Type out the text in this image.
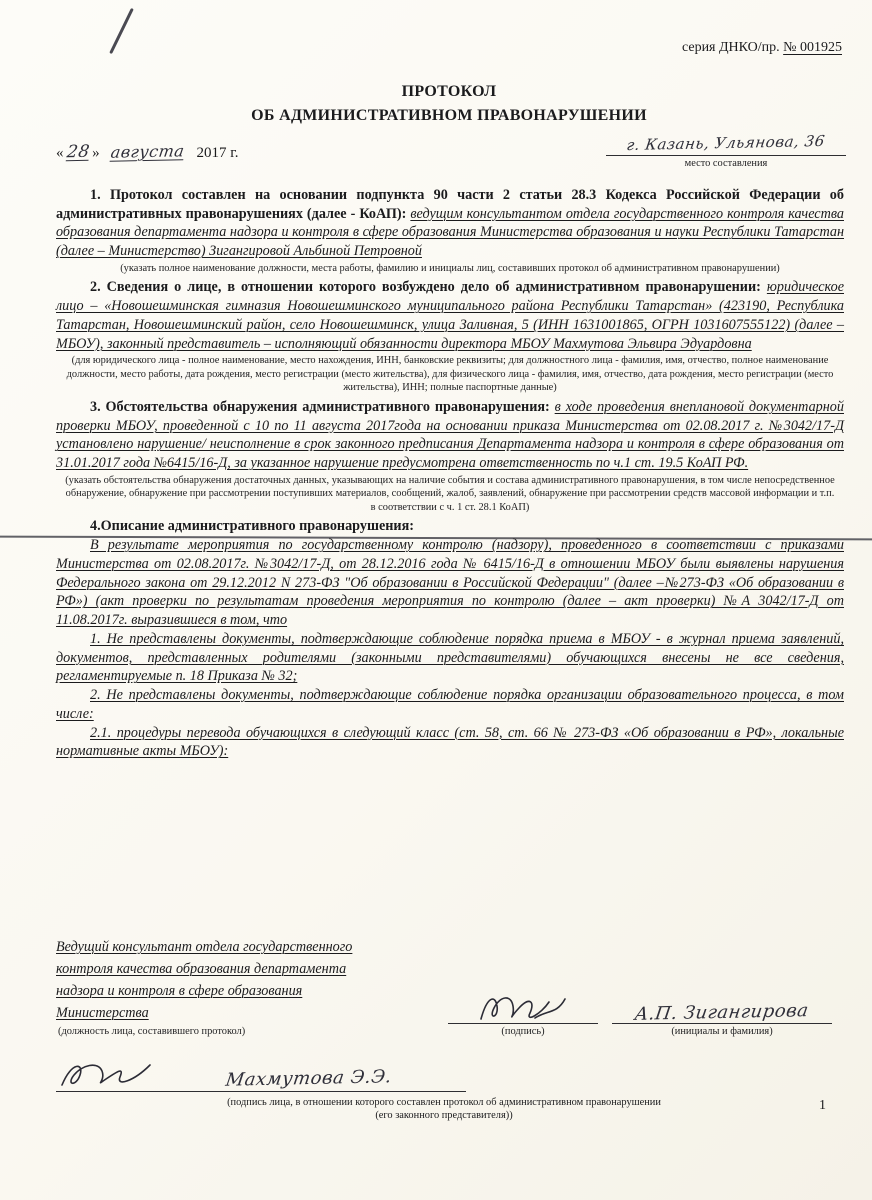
серия ДНКО/пр. № 001925
ПРОТОКОЛ
ОБ АДМИНИСТРАТИВНОМ ПРАВОНАРУШЕНИИ
«28 » августа 2017 г.	г. Казань, Ульянова, 36
место составления

1. Протокол составлен на основании подпункта 90 части 2 статьи 28.3 Кодекса Российской Федерации об административных правонарушениях (далее - КоАП): ведущим консультантом отдела государственного контроля качества образования департамента надзора и контроля в сфере образования Министерства образования и науки Республики Татарстан (далее – Министерство) Зигангировой Альбиной Петровной

(указать полное наименование должности, места работы, фамилию и инициалы лиц, составивших протокол об административном правонарушении)

2. Сведения о лице, в отношении которого возбуждено дело об административном правонарушении: юридическое лицо – «Новошешминская гимназия Новошешминского муниципального района Республики Татарстан» (423190, Республика Татарстан, Новошешминский район, село Новошешминск, улица Заливная, 5 (ИНН 1631001865, ОГРН 1031607555122) (далее – МБОУ), законный представитель – исполняющий обязанности директора МБОУ Махмутова Эльвира Эдуардовна

(для юридического лица - полное наименование, место нахождения, ИНН, банковские реквизиты; для должностного лица - фамилия, имя, отчество, полное наименование должности, место работы, дата рождения, место регистрации (место жительства), для физического лица - фамилия, имя, отчество, дата рождения, место регистрации (место жительства), ИНН; полные паспортные данные)

3. Обстоятельства обнаружения административного правонарушения: в ходе проведения внеплановой документарной проверки МБОУ, проведенной с 10 по 11 августа 2017года на основании приказа Министерства от 02.08.2017 г. №3042/17-Д установлено нарушение/ неисполнение в срок законного предписания Департамента надзора и контроля в сфере образования от 31.01.2017 года №6415/16-Д, за указанное нарушение предусмотрена ответственность по ч.1 ст. 19.5 КоАП РФ.

(указать обстоятельства обнаружения достаточных данных, указывающих на наличие события и состава административного правонарушения, в том числе непосредственное обнаружение, обнаружение при рассмотрении поступивших материалов, сообщений, жалоб, заявлений, обнаружение при рассмотрении средств массовой информации и т.п. в соответствии с ч. 1 ст. 28.1 КоАП)

4.Описание административного правонарушения:

В результате мероприятия по государственному контролю (надзору), проведенного в соответствии с приказами Министерства от 02.08.2017г. №3042/17-Д, от 28.12.2016 года № 6415/16-Д в отношении МБОУ были выявлены нарушения Федерального закона от 29.12.2012 N 273-ФЗ "Об образовании в Российской Федерации" (далее –№273-ФЗ «Об образовании в РФ») (акт проверки по результатам проведения мероприятия по контролю (далее – акт проверки) №А 3042/17-Д от 11.08.2017г. выразившиеся в том, что

1. Не представлены документы, подтверждающие соблюдение порядка приема в МБОУ - в журнал приема заявлений, документов, представленных родителями (законными представителями) обучающихся внесены не все сведения, регламентируемые п. 18 Приказа № 32;

2. Не представлены документы, подтверждающие соблюдение порядка организации образовательного процесса, в том числе:

2.1. процедуры перевода обучающихся в следующий класс (ст. 58, ст. 66 № 273-ФЗ «Об образовании в РФ», локальные нормативные акты МБОУ):

Ведущий консультант отдела государственного
контроля качества образования департамента
надзора и контроля в сфере образования
Министерства
(должность лица, составившего протокол)	(подпись)
А.П. Зигангирова
(инициалы и фамилия)
Махмутова Э.Э.
(подпись лица, в отношении которого составлен протокол об административном правонарушении
(его законного представителя))
1
